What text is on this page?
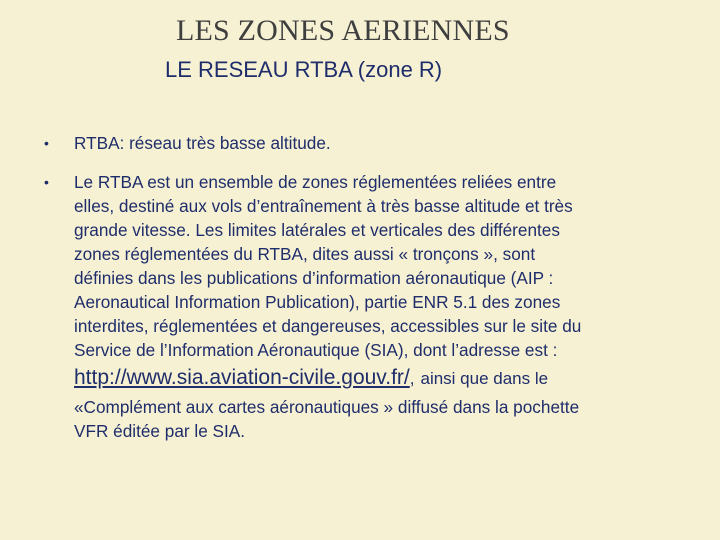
LES ZONES AERIENNES
LE RESEAU RTBA (zone R)
• RTBA: réseau très basse altitude.
• Le RTBA est un ensemble de zones réglementées reliées entre
elles, destiné aux vols d’entraînement à très basse altitude et très
grande vitesse. Les limites latérales et verticales des différentes
zones réglementées du RTBA, dites aussi « tronçons », sont
définies dans les publications d’information aéronautique (AIP :
Aeronautical Information Publication), partie ENR 5.1 des zones
interdites, réglementées et dangereuses, accessibles sur le site du
Service de l’Information Aéronautique (SIA), dont l’adresse est :
http://www.sia.aviation-civile.gouv.fr/, ainsi que dans le
«Complément aux cartes aéronautiques » diffusé dans la pochette
VFR éditée par le SIA.
